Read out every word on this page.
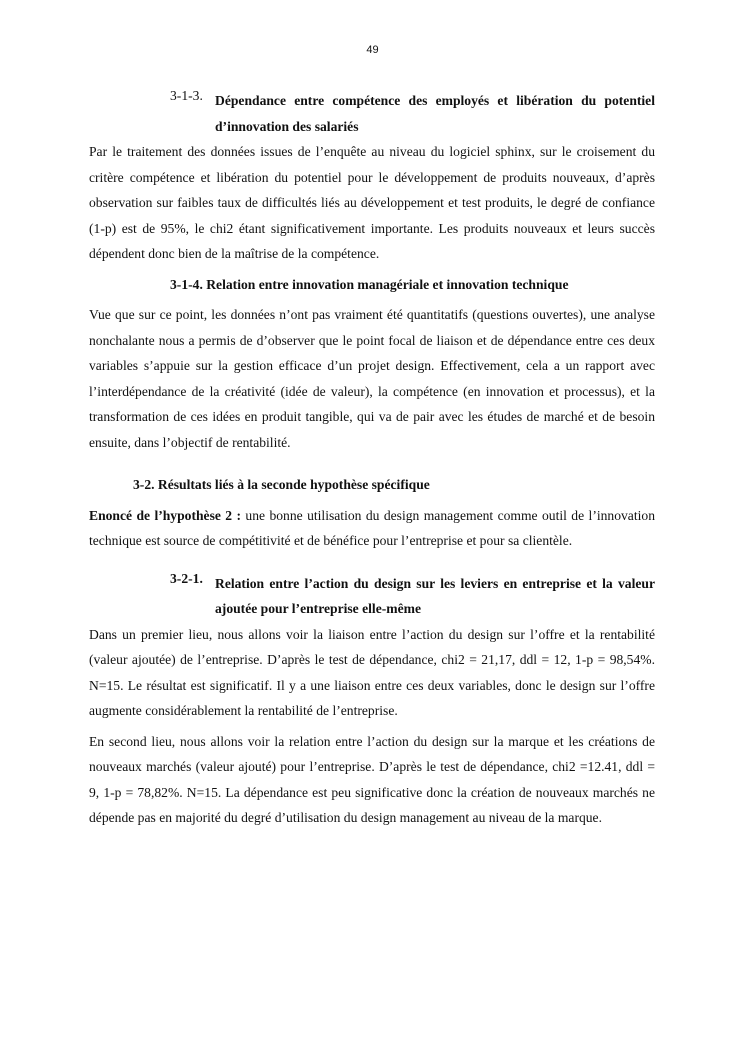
49
3-1-3. Dépendance entre compétence des employés et libération du potentiel d’innovation des salariés

Par le traitement des données issues de l’enquête au niveau du logiciel sphinx, sur le croisement du critère compétence et libération du potentiel pour le développement de produits nouveaux, d’après observation sur faibles taux de difficultés liés au développement et test produits, le degré de confiance (1-p) est de 95%, le chi2 étant significativement importante. Les produits nouveaux et leurs succès dépendent donc bien de la maîtrise de la compétence.

3-1-4. Relation entre innovation managériale et innovation technique

Vue que sur ce point, les données n’ont pas vraiment été quantitatifs (questions ouvertes), une analyse nonchalante nous a permis de d’observer que le point focal de liaison et de dépendance entre ces deux variables s’appuie sur la gestion efficace d’un projet design. Effectivement, cela a un rapport avec l’interdépendance de la créativité (idée de valeur), la compétence (en innovation et processus), et la transformation de ces idées en produit tangible, qui va de pair avec les études de marché et de besoin ensuite, dans l’objectif de rentabilité.

3-2. Résultats liés à la seconde hypothèse spécifique

Enoncé de l’hypothèse 2 : une bonne utilisation du design management comme outil de l’innovation technique est source de compétitivité et de bénéfice pour l’entreprise et pour sa clientèle.

3-2-1. Relation entre l’action du design sur les leviers en entreprise et la valeur ajoutée pour l’entreprise elle-même

Dans un premier lieu, nous allons voir la liaison entre l’action du design sur l’offre et la rentabilité (valeur ajoutée) de l’entreprise. D’après le test de dépendance, chi2 = 21,17, ddl = 12, 1-p = 98,54%. N=15. Le résultat est significatif. Il y a une liaison entre ces deux variables, donc le design sur l’offre augmente considérablement la rentabilité de l’entreprise.

En second lieu, nous allons voir la relation entre l’action du design sur la marque et les créations de nouveaux marchés (valeur ajouté) pour l’entreprise. D’après le test de dépendance, chi2 =12.41, ddl = 9, 1-p = 78,82%. N=15. La dépendance est peu significative donc la création de nouveaux marchés ne dépende pas en majorité du degré d’utilisation du design management au niveau de la marque.
